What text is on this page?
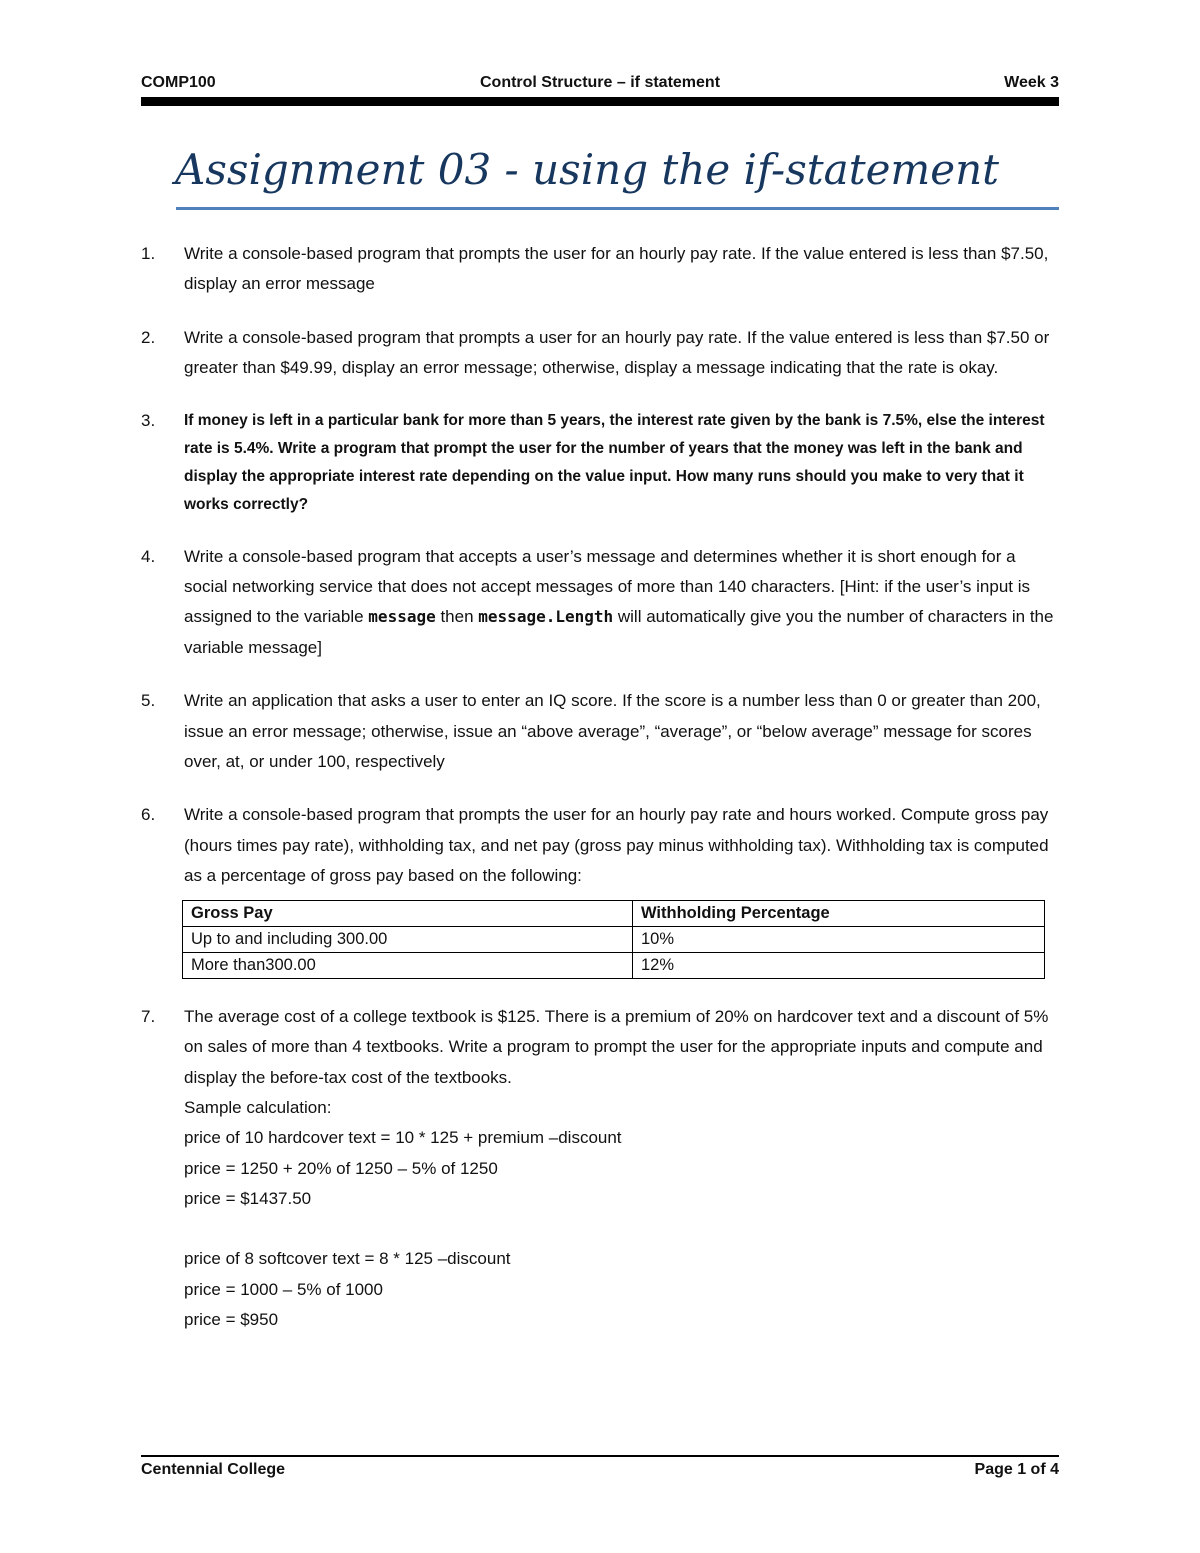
COMP100	Control Structure – if statement	Week 3
Assignment 03 - using the if-statement
1.	Write a console-based program that prompts the user for an hourly pay rate. If the value entered is less than $7.50, display an error message
2.	Write a console-based program that prompts a user for an hourly pay rate. If the value entered is less than $7.50 or greater than $49.99, display an error message; otherwise, display a message indicating that the rate is okay.
3.	If money is left in a particular bank for more than 5 years, the interest rate given by the bank is 7.5%, else the interest rate is 5.4%. Write a program that prompt the user for the number of years that the money was left in the bank and display the appropriate interest rate depending on the value input. How many runs should you make to very that it works correctly?
4.	Write a console-based program that accepts a user’s message and determines whether it is short enough for a social networking service that does not accept messages of more than 140 characters. [Hint: if the user’s input is assigned to the variable message then message.Length will automatically give you the number of characters in the variable message]
5.	Write an application that asks a user to enter an IQ score. If the score is a number less than 0 or greater than 200, issue an error message; otherwise, issue an “above average”, “average”, or “below average” message for scores over, at, or under 100, respectively
6.	Write a console-based program that prompts the user for an hourly pay rate and hours worked. Compute gross pay (hours times pay rate), withholding tax, and net pay (gross pay minus withholding tax). Withholding tax is computed as a percentage of gross pay based on the following:
Gross Pay	Withholding Percentage
Up to and including 300.00	10%
More than300.00	12%
7.	The average cost of a college textbook is $125. There is a premium of 20% on hardcover text and a discount of 5% on sales of more than 4 textbooks. Write a program to prompt the user for the appropriate inputs and compute and display the before-tax cost of the textbooks.
Sample calculation:
price of 10 hardcover text = 10 * 125 + premium –discount
price = 1250 + 20% of 1250 – 5% of 1250
price = $1437.50
price of 8 softcover text = 8 * 125 –discount
price = 1000 – 5% of 1000
price = $950
Centennial College	Page 1 of 4
